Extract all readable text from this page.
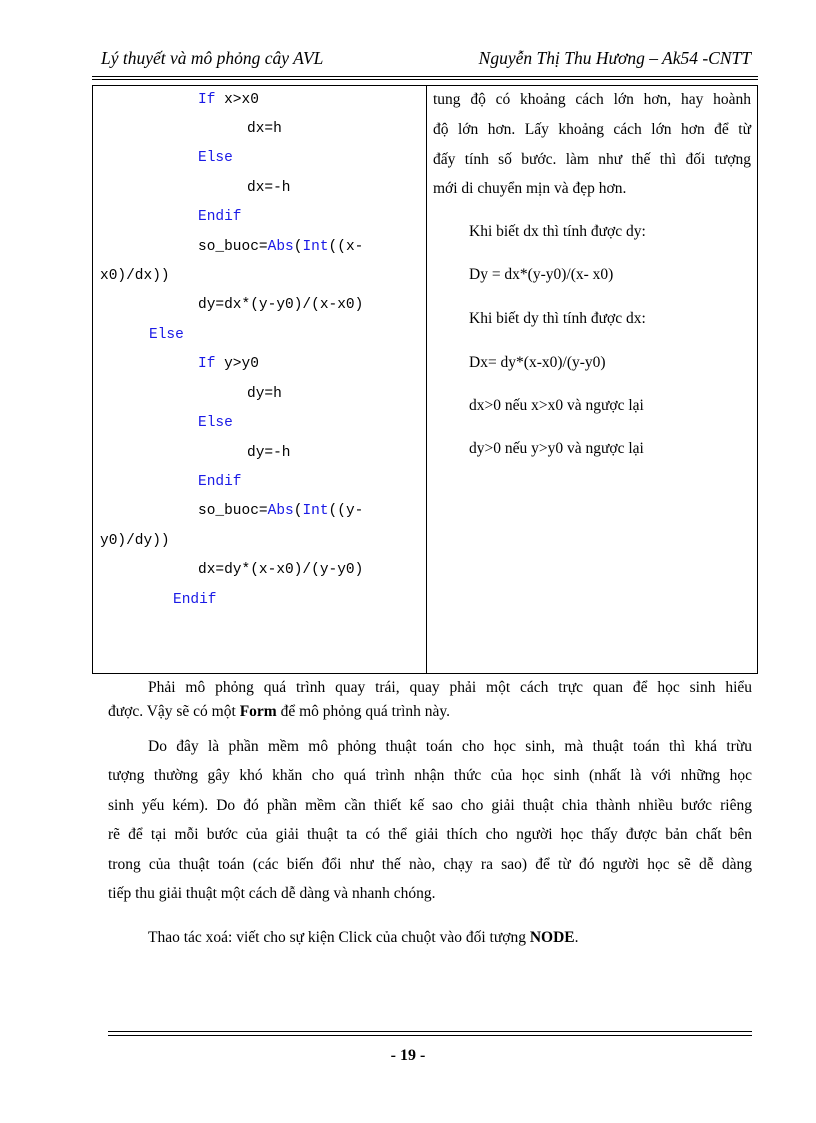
Lý thuyết và mô phỏng cây AVL	Nguyễn Thị Thu Hương – Ak54 -CNTT
If x>x0
dx=h
Else
dx=-h
Endif
so_buoc=Abs(Int((x-
x0)/dx))
dy=dx*(y-y0)/(x-x0)
Else
If y>y0
dy=h
Else
dy=-h
Endif
so_buoc=Abs(Int((y-
y0)/dy))
dx=dy*(x-x0)/(y-y0)
Endif
tung độ có khoảng cách lớn hơn, hay hoành
độ lớn hơn. Lấy khoảng cách lớn hơn để từ
đấy tính số bước. làm như thế thì đối tượng
mới di chuyển mịn và đẹp hơn.
Khi biết dx thì tính được dy:
Dy = dx*(y-y0)/(x- x0)
Khi biết dy thì tính được dx:
Dx= dy*(x-x0)/(y-y0)
dx>0 nếu x>x0 và ngược lại
dy>0 nếu y>y0 và ngược lại
Phải mô phỏng quá trình quay trái, quay phải một cách trực quan để học sinh hiểu
được. Vậy sẽ có một Form để mô phỏng quá trình này.
Do đây là phần mềm mô phỏng thuật toán cho học sinh, mà thuật toán thì khá trừu
tượng thường gây khó khăn cho quá trình nhận thức của học sinh (nhất là với những học
sinh yếu kém). Do đó phần mềm cần thiết kế sao cho giải thuật chia thành nhiều bước riêng
rẽ để tại mỗi bước của giải thuật ta có thể giải thích cho người học thấy được bản chất bên
trong của thuật toán (các biến đổi như thế nào, chạy ra sao) để từ đó người học sẽ dễ dàng
tiếp thu giải thuật một cách dễ dàng và nhanh chóng.
Thao tác xoá: viết cho sự kiện Click của chuột vào đối tượng NODE.
- 19 -
